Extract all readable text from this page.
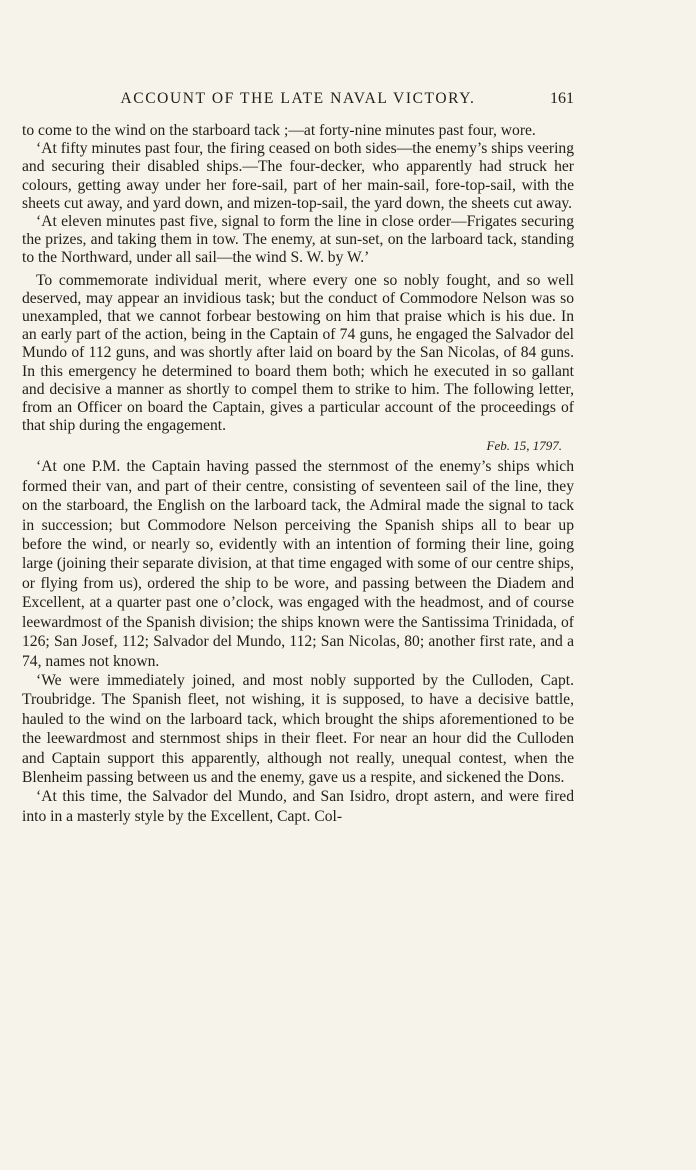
ACCOUNT OF THE LATE NAVAL VICTORY.	161

to come to the wind on the starboard tack ;—at forty-nine minutes past four, wore.

‘At fifty minutes past four, the firing ceased on both sides—the enemy’s ships veering and securing their disabled ships.—The four-decker, who apparently had struck her colours, getting away under her fore-sail, part of her main-sail, fore-top-sail, with the sheets cut away, and yard down, and mizen-top-sail, the yard down, the sheets cut away.

‘At eleven minutes past five, signal to form the line in close order—Frigates securing the prizes, and taking them in tow. The enemy, at sun-set, on the larboard tack, standing to the Northward, under all sail—the wind S. W. by W.’

To commemorate individual merit, where every one so nobly fought, and so well deserved, may appear an invidious task; but the conduct of Commodore Nelson was so unexampled, that we cannot forbear bestowing on him that praise which is his due. In an early part of the action, being in the Captain of 74 guns, he engaged the Salvador del Mundo of 112 guns, and was shortly after laid on board by the San Nicolas, of 84 guns. In this emergency he determined to board them both; which he executed in so gallant and decisive a manner as shortly to compel them to strike to him. The following letter, from an Officer on board the Captain, gives a particular account of the proceedings of that ship during the engagement.

Feb. 15, 1797.

‘At one P.M. the Captain having passed the sternmost of the enemy’s ships which formed their van, and part of their centre, consisting of seventeen sail of the line, they on the starboard, the English on the larboard tack, the Admiral made the signal to tack in succession; but Commodore Nelson perceiving the Spanish ships all to bear up before the wind, or nearly so, evidently with an intention of forming their line, going large (joining their separate division, at that time engaged with some of our centre ships, or flying from us), ordered the ship to be wore, and passing between the Diadem and Excellent, at a quarter past one o’clock, was engaged with the headmost, and of course leewardmost of the Spanish division; the ships known were the Santissima Trinidada, of 126; San Josef, 112; Salvador del Mundo, 112; San Nicolas, 80; another first rate, and a 74, names not known.

‘We were immediately joined, and most nobly supported by the Culloden, Capt. Troubridge. The Spanish fleet, not wishing, it is supposed, to have a decisive battle, hauled to the wind on the larboard tack, which brought the ships aforementioned to be the leewardmost and sternmost ships in their fleet. For near an hour did the Culloden and Captain support this apparently, although not really, unequal contest, when the Blenheim passing between us and the enemy, gave us a respite, and sickened the Dons.

‘At this time, the Salvador del Mundo, and San Isidro, dropt astern, and were fired into in a masterly style by the Excellent, Capt. Col-
